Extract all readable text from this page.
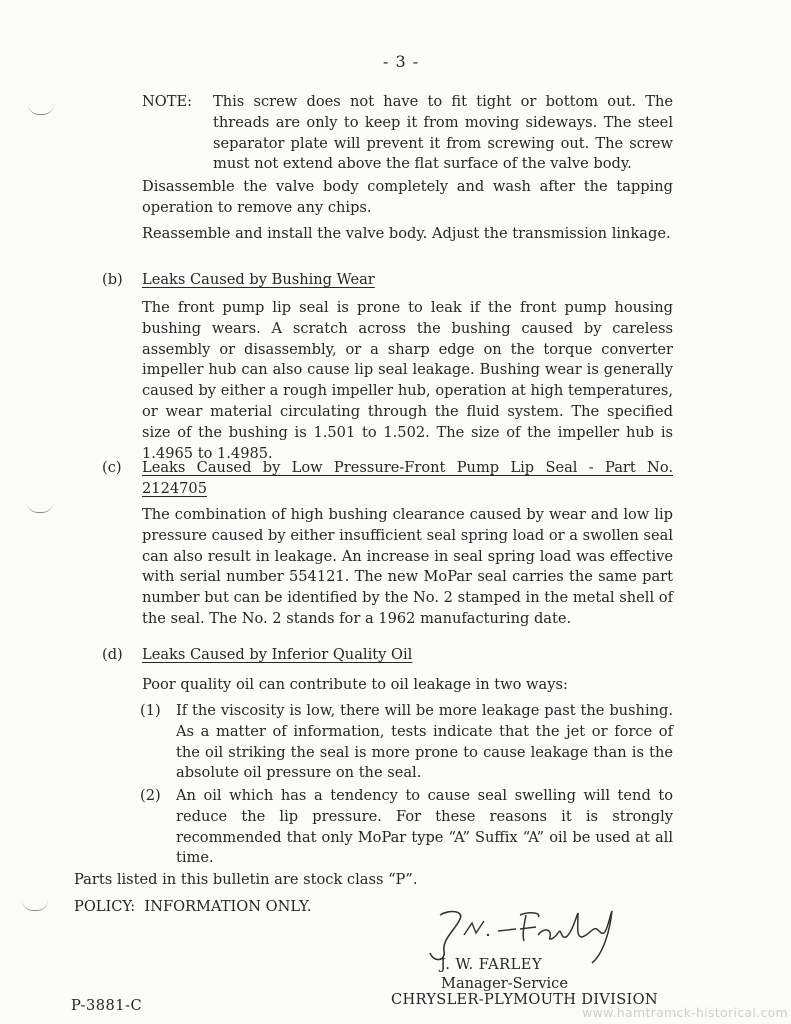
- 3 -
NOTE: This screw does not have to fit tight or bottom out. The threads are only to keep it from moving sideways. The steel separator plate will prevent it from screwing out. The screw must not extend above the flat surface of the valve body.

Disassemble the valve body completely and wash after the tapping operation to remove any chips.

Reassemble and install the valve body. Adjust the transmission linkage.

(b) Leaks Caused by Bushing Wear

The front pump lip seal is prone to leak if the front pump housing bushing wears. A scratch across the bushing caused by careless assembly or disassembly, or a sharp edge on the torque converter impeller hub can also cause lip seal leakage. Bushing wear is generally caused by either a rough impeller hub, operation at high temperatures, or wear material circulating through the fluid system. The specified size of the bushing is 1.501 to 1.502. The size of the impeller hub is 1.4965 to 1.4985.

(c) Leaks Caused by Low Pressure-Front Pump Lip Seal - Part No. 2124705

The combination of high bushing clearance caused by wear and low lip pressure caused by either insufficient seal spring load or a swollen seal can also result in leakage. An increase in seal spring load was effective with serial number 554121. The new MoPar seal carries the same part number but can be identified by the No. 2 stamped in the metal shell of the seal. The No. 2 stands for a 1962 manufacturing date.

(d) Leaks Caused by Inferior Quality Oil

Poor quality oil can contribute to oil leakage in two ways:

(1) If the viscosity is low, there will be more leakage past the bushing. As a matter of information, tests indicate that the jet or force of the oil striking the seal is more prone to cause leakage than is the absolute oil pressure on the seal.

(2) An oil which has a tendency to cause seal swelling will tend to reduce the lip pressure. For these reasons it is strongly recommended that only MoPar type “A” Suffix “A” oil be used at all time.

Parts listed in this bulletin are stock class “P”.

POLICY:  INFORMATION ONLY.

J. W. FARLEY
Manager-Service
CHRYSLER-PLYMOUTH DIVISION
P-3881-C	www.hamtramck-historical.com
